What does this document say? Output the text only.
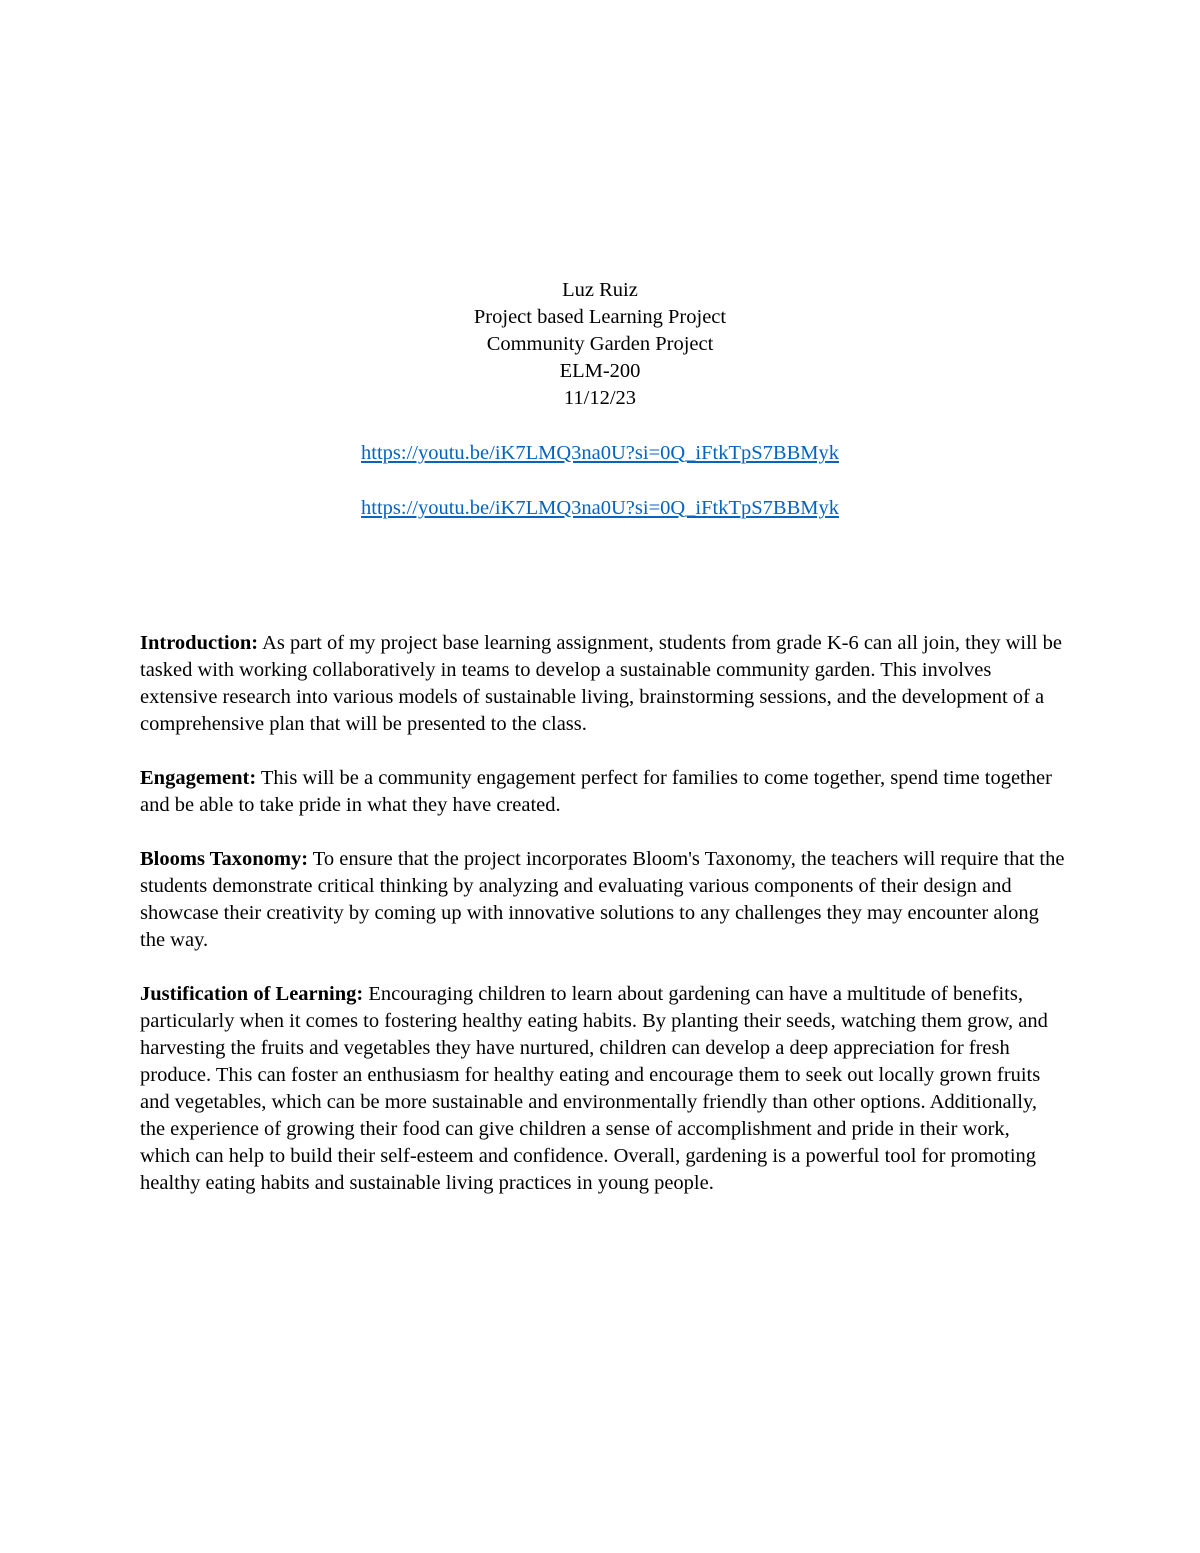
Luz Ruiz
Project based Learning Project
Community Garden Project
ELM-200
11/12/23
https://youtu.be/iK7LMQ3na0U?si=0Q_iFtkTpS7BBMyk
https://youtu.be/iK7LMQ3na0U?si=0Q_iFtkTpS7BBMyk

Introduction: As part of my project base learning assignment, students from grade K-6 can all join, they will be tasked with working collaboratively in teams to develop a sustainable community garden. This involves extensive research into various models of sustainable living, brainstorming sessions, and the development of a comprehensive plan that will be presented to the class.

Engagement: This will be a community engagement perfect for families to come together, spend time together and be able to take pride in what they have created.

Blooms Taxonomy: To ensure that the project incorporates Bloom's Taxonomy, the teachers will require that the students demonstrate critical thinking by analyzing and evaluating various components of their design and showcase their creativity by coming up with innovative solutions to any challenges they may encounter along the way.

Justification of Learning: Encouraging children to learn about gardening can have a multitude of benefits, particularly when it comes to fostering healthy eating habits. By planting their seeds, watching them grow, and harvesting the fruits and vegetables they have nurtured, children can develop a deep appreciation for fresh produce. This can foster an enthusiasm for healthy eating and encourage them to seek out locally grown fruits and vegetables, which can be more sustainable and environmentally friendly than other options. Additionally, the experience of growing their food can give children a sense of accomplishment and pride in their work, which can help to build their self-esteem and confidence. Overall, gardening is a powerful tool for promoting healthy eating habits and sustainable living practices in young people.
